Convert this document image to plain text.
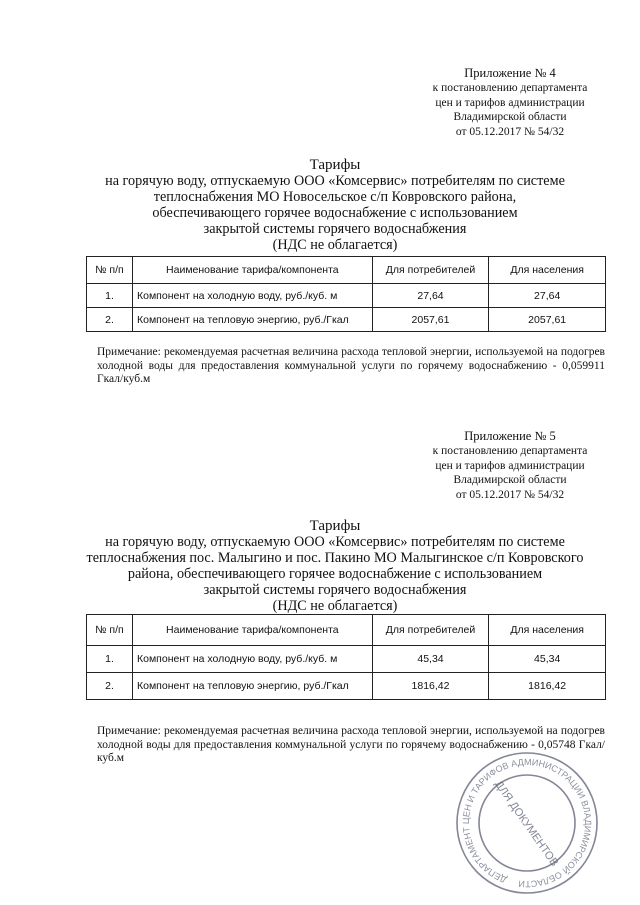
Приложение № 4
к постановлению департамента
цен и тарифов администрации
Владимирской области
от 05.12.2017 № 54/32
Тарифы
на горячую воду, отпускаемую ООО «Комсервис» потребителям по системе
теплоснабжения МО Новосельское с/п Ковровского района,
обеспечивающего горячее водоснабжение с использованием
закрытой системы горячего водоснабжения
(НДС не облагается)
№ п/п	Наименование тарифа/компонента	Для потребителей	Для населения
1.	Компонент на холодную воду, руб./куб. м	27,64	27,64
2.	Компонент на тепловую энергию, руб./Гкал	2057,61	2057,61
Примечание: рекомендуемая расчетная величина расхода тепловой энергии, используемой на подогрев холодной воды для предоставления коммунальной услуги по горячему водоснабжению - 0,059911 Гкал/куб.м
Приложение № 5
к постановлению департамента
цен и тарифов администрации
Владимирской области
от 05.12.2017 № 54/32
Тарифы
на горячую воду, отпускаемую ООО «Комсервис» потребителям по системе
теплоснабжения пос. Малыгино и пос. Пакино МО Малыгинское с/п Ковровского
района, обеспечивающего горячее водоснабжение с использованием
закрытой системы горячего водоснабжения
(НДС не облагается)
№ п/п	Наименование тарифа/компонента	Для потребителей	Для населения
1.	Компонент на холодную воду, руб./куб. м	45,34	45,34
2.	Компонент на тепловую энергию, руб./Гкал	1816,42	1816,42
Примечание: рекомендуемая расчетная величина расхода тепловой энергии, используемой на подогрев холодной воды для предоставления коммунальной услуги по горячему водоснабжению - 0,05748 Гкал/куб.м
ДЕПАРТАМЕНТ ЦЕН И ТАРИФОВ АДМИНИСТРАЦИИ ВЛАДИМИРСКОЙ ОБЛАСТИ
ДЛЯ ДОКУМЕНТОВ
